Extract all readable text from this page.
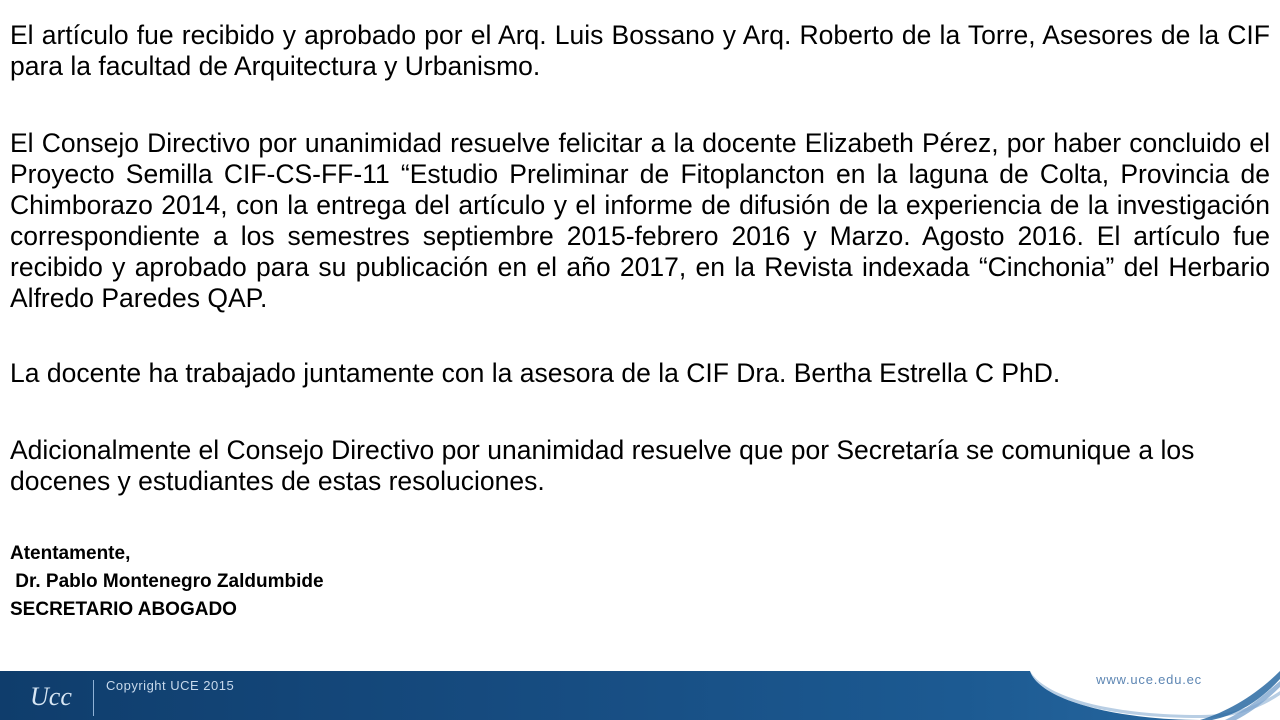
El artículo fue recibido y aprobado por el Arq. Luis Bossano y Arq. Roberto de la Torre, Asesores de la CIF para la facultad de Arquitectura y Urbanismo.

El Consejo Directivo por unanimidad resuelve felicitar a la docente Elizabeth Pérez, por haber concluido el Proyecto Semilla CIF-CS-FF-11 “Estudio Preliminar de Fitoplancton en la laguna de Colta, Provincia de Chimborazo 2014, con la entrega del artículo y el informe de difusión de la experiencia de la investigación correspondiente a los semestres septiembre 2015-febrero 2016 y Marzo. Agosto 2016. El artículo fue recibido y aprobado para su publicación en el año 2017, en la Revista indexada “Cinchonia” del Herbario Alfredo Paredes QAP.

La docente ha trabajado juntamente con la asesora de la CIF Dra. Bertha Estrella C PhD.

Adicionalmente el Consejo Directivo por unanimidad resuelve que por Secretaría se comunique a los docenes y estudiantes de estas resoluciones.

Atentamente,
Dr. Pablo Montenegro Zaldumbide
SECRETARIO ABOGADO
Ucc	Copyright UCE 2015	www.uce.edu.ec
